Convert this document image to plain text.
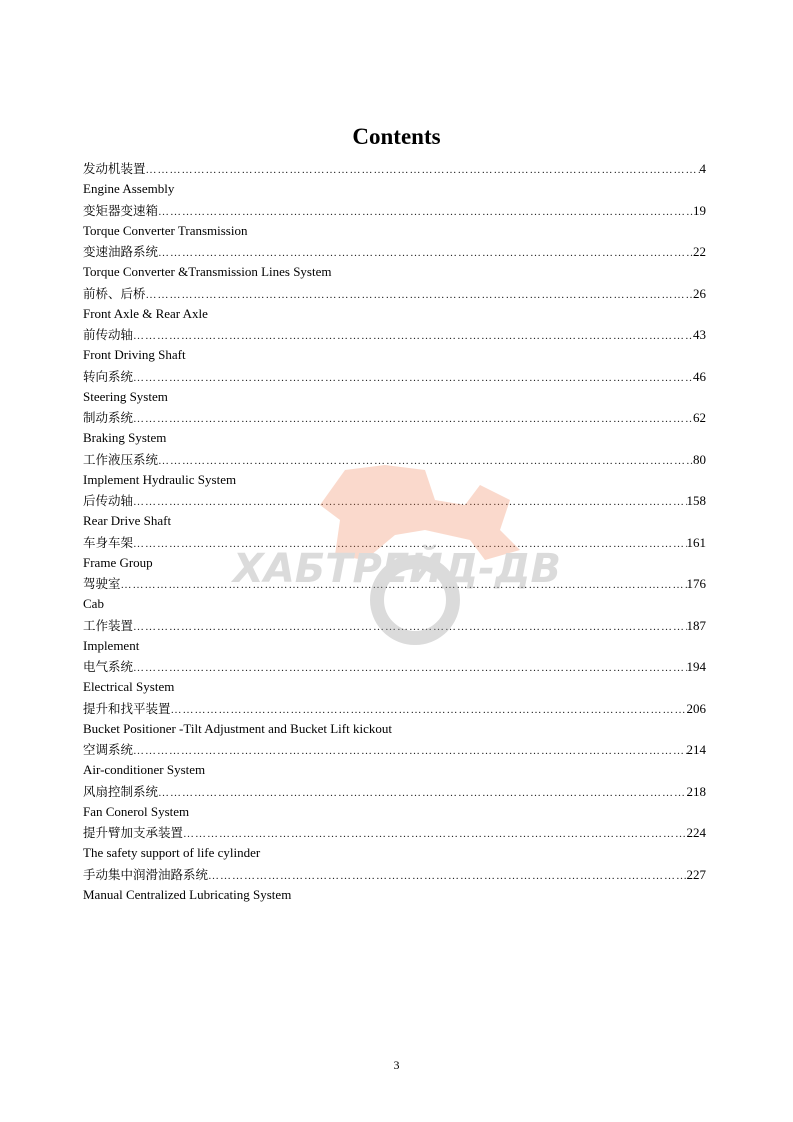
Contents
发动机装置 …………………………………………………………………………………………………………………………………………………………………………………………………………………………………………………	4
Engine Assembly
变矩器变速箱 …………………………………………………………………………………………………………………………………………………………………………………………………………………………………………………	19
Torque Converter Transmission
变速油路系统 …………………………………………………………………………………………………………………………………………………………………………………………………………………………………………………	22
Torque Converter &Transmission Lines System
前桥、后桥 …………………………………………………………………………………………………………………………………………………………………………………………………………………………………………………	26
Front Axle & Rear Axle
前传动轴 …………………………………………………………………………………………………………………………………………………………………………………………………………………………………………………	43
Front Driving Shaft
转向系统 …………………………………………………………………………………………………………………………………………………………………………………………………………………………………………………	46
Steering System
制动系统 …………………………………………………………………………………………………………………………………………………………………………………………………………………………………………………	62
Braking System
工作液压系统 …………………………………………………………………………………………………………………………………………………………………………………………………………………………………………………	80
Implement Hydraulic System
后传动轴 …………………………………………………………………………………………………………………………………………………………………………………………………………………………………………………	158
Rear Drive Shaft
车身车架 …………………………………………………………………………………………………………………………………………………………………………………………………………………………………………………	161
Frame Group
驾驶室 …………………………………………………………………………………………………………………………………………………………………………………………………………………………………………………	176
Cab
工作装置 …………………………………………………………………………………………………………………………………………………………………………………………………………………………………………………	187
Implement
电气系统 …………………………………………………………………………………………………………………………………………………………………………………………………………………………………………………	194
Electrical System
提升和找平装置 …………………………………………………………………………………………………………………………………………………………………………………………………………………………………………………	206
Bucket Positioner -Tilt Adjustment and Bucket Lift kickout
空调系统 …………………………………………………………………………………………………………………………………………………………………………………………………………………………………………………	214
Air-conditioner System
风扇控制系统 …………………………………………………………………………………………………………………………………………………………………………………………………………………………………………………	218
Fan Conerol System
提升臂加支承装置 …………………………………………………………………………………………………………………………………………………………………………………………………………………………………………………	224
The safety support of life cylinder
手动集中润滑油路系统 …………………………………………………………………………………………………………………………………………………………………………………………………………………………………………………	227
Manual Centralized Lubricating System
ХАБТРЕЙД-ДВ
3
